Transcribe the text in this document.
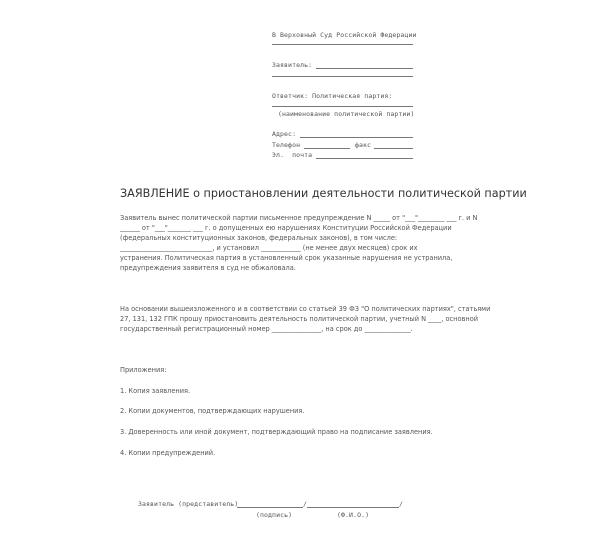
В Верховный Суд Российской Федерации
Заявитель:
Ответчик: Политическая партия:
(наименование политической партии)
Адрес:
Телефон	факс
Эл.  почта
ЗАЯВЛЕНИЕ о приостановлении деятельности политической партии
Заявитель вынес политической партии письменное предупреждение N _____ от "___"________ ___ г. и N
______ от "___"_______ ___ г. о допущенных ею нарушениях Конституции Российской Федерации
(федеральных конституционных законов, федеральных законов), в том числе:
____________________________, и установил ____________ (не менее двух месяцев) срок их
устранения. Политическая партия в установленный срок указанные нарушения не устранила,
предупреждения заявителя в суд не обжаловала.
На основании вышеизложенного и в соответствии со статьей 39 ФЗ "О политических партиях", статьями
27, 131, 132 ГПК прошу приостановить деятельность политической партии, учетный N ____, основной
государственный регистрационный номер _______________, на срок до ______________.
Приложения:
1. Копия заявления.
2. Копии документов, подтверждающих нарушения.
3. Доверенность или иной документ, подтверждающий право на подписание заявления.
4. Копии предупреждений.
Заявитель (представитель)	/	/
(подпись)	(Ф.И.О.)
